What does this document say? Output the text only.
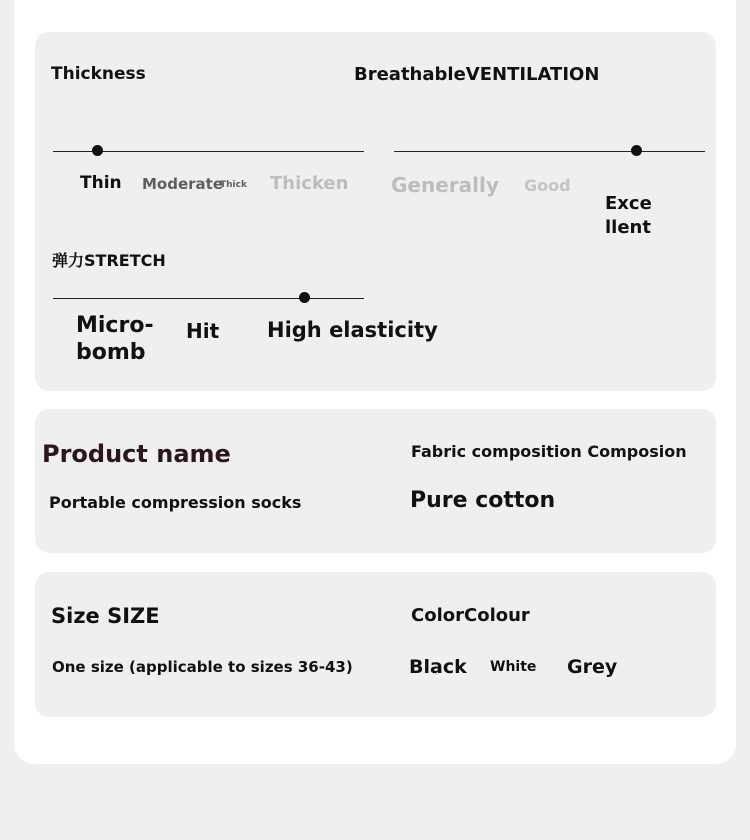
Thickness
Thin Moderate
Thick Thicken
BreathableVENTILATION
Generally Good
Exce
llent
弹力STRETCH
Micro-
bomb
Hit High elasticity
Product name
Portable compression socks
Fabric composition Composion
Pure cotton
Size SIZE
One size (applicable to sizes 36-43)
ColorColour
Black White Grey
